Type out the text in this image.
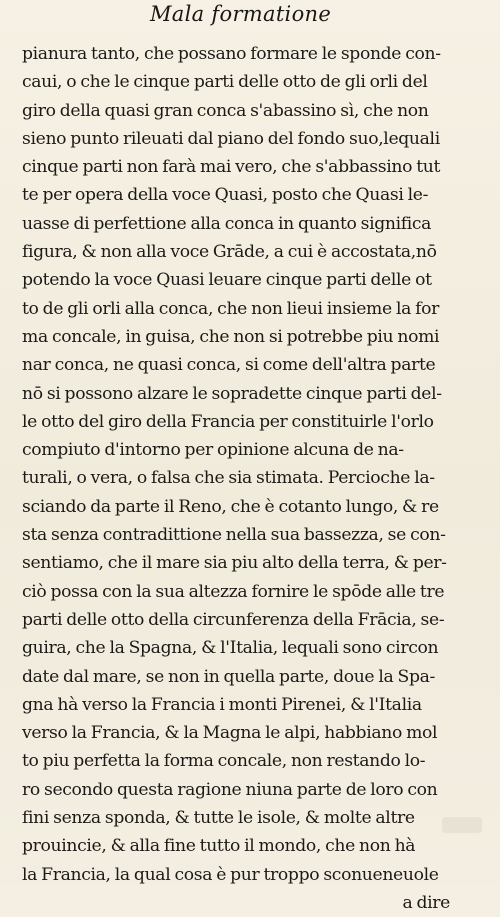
Mala formatione
pianura tanto, che possano formare le sponde con-
caui, o che le cinque parti delle otto de gli orli del
giro della quasi gran conca s'abassino sì, che non
sieno punto rileuati dal piano del fondo suo,lequali
cinque parti non farà mai vero, che s'abbassino tut
te per opera della voce Quasi, posto che Quasi le-
uasse di perfettione alla conca in quanto significa
figura, & non alla voce Grāde, a cui è accostata,nō
potendo la voce Quasi leuare cinque parti delle ot
to de gli orli alla conca, che non lieui insieme la for
ma concale, in guisa, che non si potrebbe piu nomi
nar conca, ne quasi conca, si come dell'altra parte
nō si possono alzare le sopradette cinque parti del-
le otto del giro della Francia per constituirle l'orlo
compiuto d'intorno per opinione alcuna de na-
turali, o vera, o falsa che sia stimata. Percioche la-
sciando da parte il Reno, che è cotanto lungo, & re
sta senza contradittione nella sua bassezza, se con-
sentiamo, che il mare sia piu alto della terra, & per-
ciò possa con la sua altezza fornire le spōde alle tre
parti delle otto della circunferenza della Frācia, se-
guira, che la Spagna, & l'Italia, lequali sono circon
date dal mare, se non in quella parte, doue la Spa-
gna hà verso la Francia i monti Pirenei, & l'Italia
verso la Francia, & la Magna le alpi, habbiano mol
to piu perfetta la forma concale, non restando lo-
ro secondo questa ragione niuna parte de loro con
fini senza sponda, & tutte le isole, & molte altre
prouincie, & alla fine tutto il mondo, che non hà
la Francia, la qual cosa è pur troppo sconueneuole
a dire
